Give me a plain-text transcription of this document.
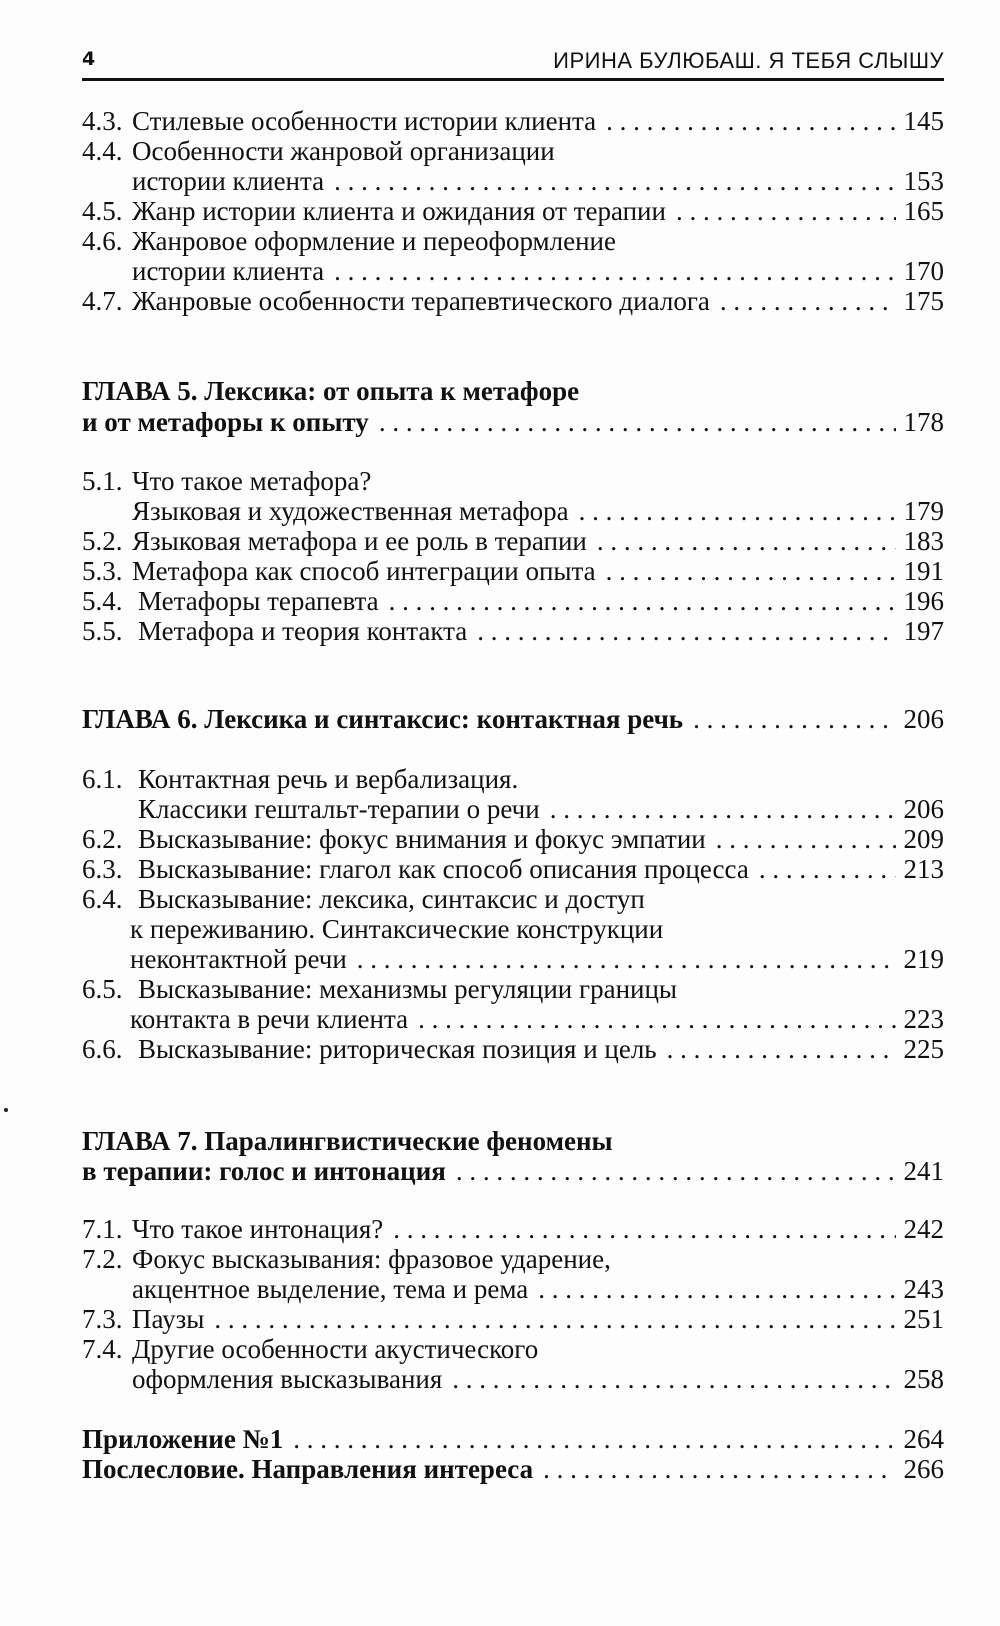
4	ИРИНА БУЛЮБАШ. Я ТЕБЯ СЛЫШУ
4.3. Стилевые особенности истории клиента . . .	145
4.4. Особенности жанровой организации
истории клиента . . .	153
4.5. Жанр истории клиента и ожидания от терапии . . .	165
4.6. Жанровое оформление и переоформление
истории клиента . . .	170
4.7. Жанровые особенности терапевтического диалога . . .	175
ГЛАВА 5. Лексика: от опыта к метафоре
и от метафоры к опыту . . .	178
5.1. Что такое метафора?
Языковая и художественная метафора . . .	179
5.2. Языковая метафора и ее роль в терапии . . .	183
5.3. Метафора как способ интеграции опыта . . .	191
5.4. Метафоры терапевта . . .	196
5.5. Метафора и теория контакта . . .	197
ГЛАВА 6. Лексика и синтаксис: контактная речь . . .	206
6.1. Контактная речь и вербализация.
Классики гештальт-терапии о речи . . .	206
6.2. Высказывание: фокус внимания и фокус эмпатии . . .	209
6.3. Высказывание: глагол как способ описания процесса . . .	213
6.4. Высказывание: лексика, синтаксис и доступ
к переживанию. Синтаксические конструкции
неконтактной речи . . .	219
6.5. Высказывание: механизмы регуляции границы
контакта в речи клиента . . .	223
6.6. Высказывание: риторическая позиция и цель . . .	225
ГЛАВА 7. Паралингвистические феномены
в терапии: голос и интонация . . .	241
7.1. Что такое интонация? . . .	242
7.2. Фокус высказывания: фразовое ударение,
акцентное выделение, тема и рема . . .	243
7.3. Паузы . . .	251
7.4. Другие особенности акустического
оформления высказывания . . .	258
Приложение №1 . . .	264
Послесловие. Направления интереса . . .	266
